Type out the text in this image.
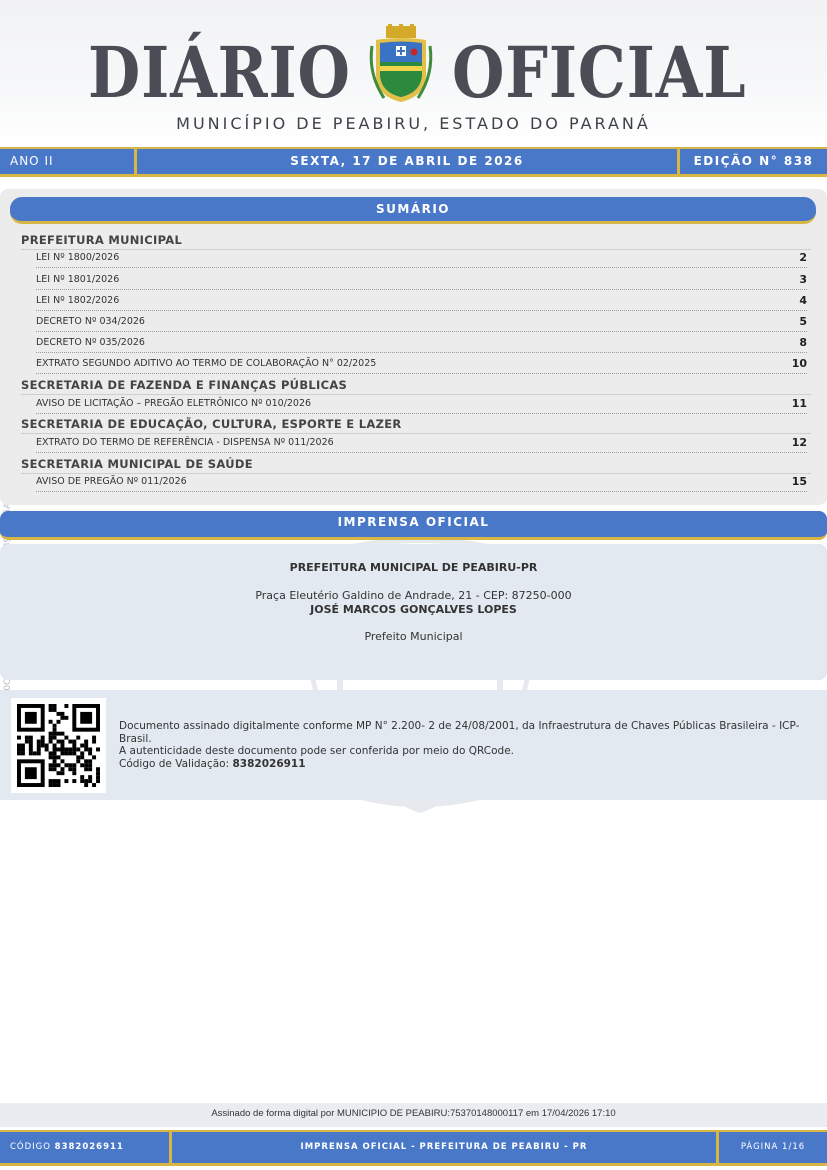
DIÁRIO OFICIAL
MUNICÍPIO DE PEABIRU, ESTADO DO PARANÁ
ANO II	SEXTA, 17 DE ABRIL DE 2026	EDIÇÃO N° 838
SUMÁRIO
PREFEITURA MUNICIPAL
LEI Nº 1800/2026	2
LEI Nº 1801/2026	3
LEI Nº 1802/2026	4
DECRETO Nº 034/2026	5
DECRETO Nº 035/2026	8
EXTRATO SEGUNDO ADITIVO AO TERMO DE COLABORAÇÃO N° 02/2025	10
SECRETARIA DE FAZENDA E FINANÇAS PÚBLICAS
AVISO DE LICITAÇÃO – PREGÃO ELETRÔNICO Nº 010/2026	11
SECRETARIA DE EDUCAÇÃO, CULTURA, ESPORTE E LAZER
EXTRATO DO TERMO DE REFERÊNCIA - DISPENSA Nº 011/2026	12
SECRETARIA MUNICIPAL DE SAÚDE
AVISO DE PREGÃO Nº 011/2026	15
IMPRENSA OFICIAL
PREFEITURA MUNICIPAL DE PEABIRU-PR
Praça Eleutério Galdino de Andrade, 21 - CEP: 87250-000
JOSÉ MARCOS GONÇALVES LOPES
Prefeito Municipal
Documento assinado digitalmente conforme MP N° 2.200- 2 de 24/08/2001, da Infraestrutura de Chaves Públicas Brasileira - ICP-Brasil.
A autenticidade deste documento pode ser conferida por meio do QRCode.
Código de Validação: 8382026911
Assinado de forma digital por MUNICIPIO DE PEABIRU:75370148000117 em 17/04/2026 17:10
CÓDIGO 8382026911	IMPRENSA OFICIAL - PREFEITURA DE PEABIRU - PR	PÁGINA 1/16
